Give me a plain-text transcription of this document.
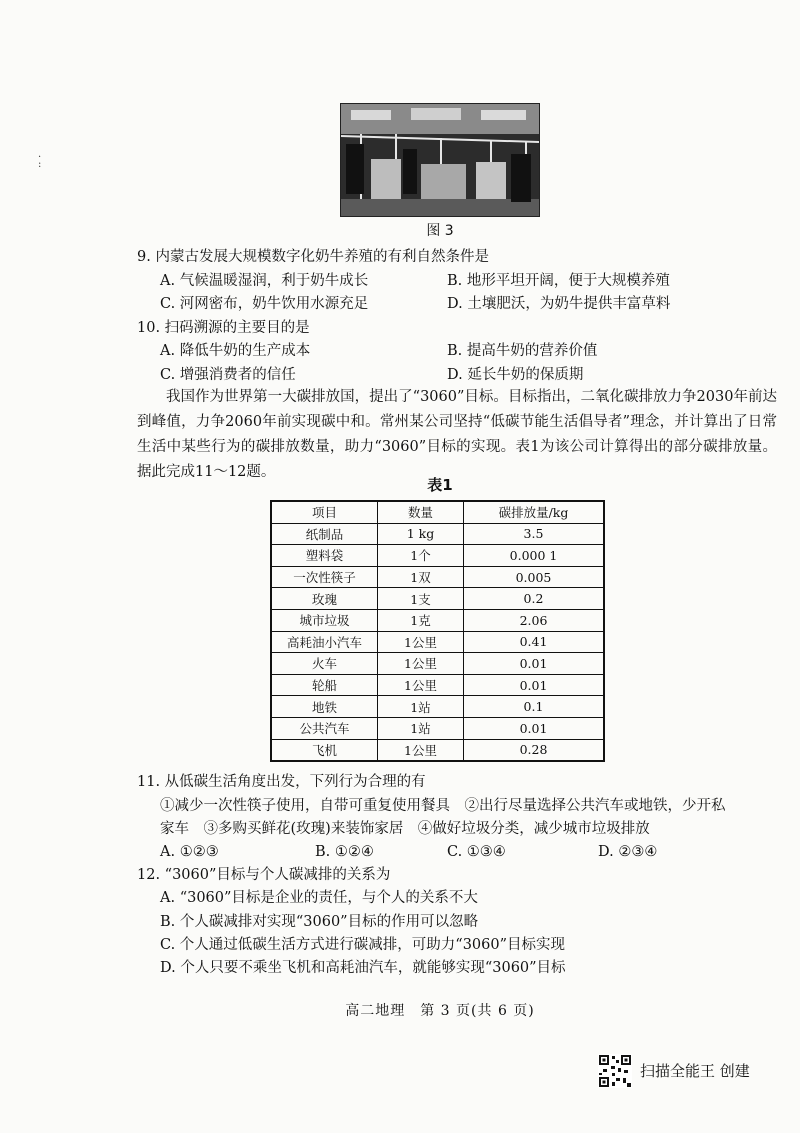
.
:
图 3
9. 内蒙古发展大规模数字化奶牛养殖的有利自然条件是
A. 气候温暖湿润，利于奶牛成长	B. 地形平坦开阔，便于大规模养殖
C. 河网密布，奶牛饮用水源充足	D. 土壤肥沃，为奶牛提供丰富草料
10. 扫码溯源的主要目的是
A. 降低牛奶的生产成本	B. 提高牛奶的营养价值
C. 增强消费者的信任	D. 延长牛奶的保质期
我国作为世界第一大碳排放国，提出了“3060”目标。目标指出，二氧化碳排放力争2030年前达到峰值，力争2060年前实现碳中和。常州某公司坚持“低碳节能生活倡导者”理念，并计算出了日常生活中某些行为的碳排放数量，助力“3060”目标的实现。表1为该公司计算得出的部分碳排放量。据此完成11～12题。
表1
项目	数量	碳排放量/kg
纸制品	1 kg	3.5
塑料袋	1个	0.000 1
一次性筷子	1双	0.005
玫瑰	1支	0.2
城市垃圾	1克	2.06
高耗油小汽车	1公里	0.41
火车	1公里	0.01
轮船	1公里	0.01
地铁	1站	0.1
公共汽车	1站	0.01
飞机	1公里	0.28
11. 从低碳生活角度出发，下列行为合理的有
①减少一次性筷子使用，自带可重复使用餐具　②出行尽量选择公共汽车或地铁，少开私
家车　③多购买鲜花(玫瑰)来装饰家居　④做好垃圾分类，减少城市垃圾排放
A. ①②③	B. ①②④	C. ①③④	D. ②③④
12. “3060”目标与个人碳减排的关系为
A. “3060”目标是企业的责任，与个人的关系不大
B. 个人碳减排对实现“3060”目标的作用可以忽略
C. 个人通过低碳生活方式进行碳减排，可助力“3060”目标实现
D. 个人只要不乘坐飞机和高耗油汽车，就能够实现“3060”目标
高二地理　第 3 页(共 6 页)
扫描全能王 创建
